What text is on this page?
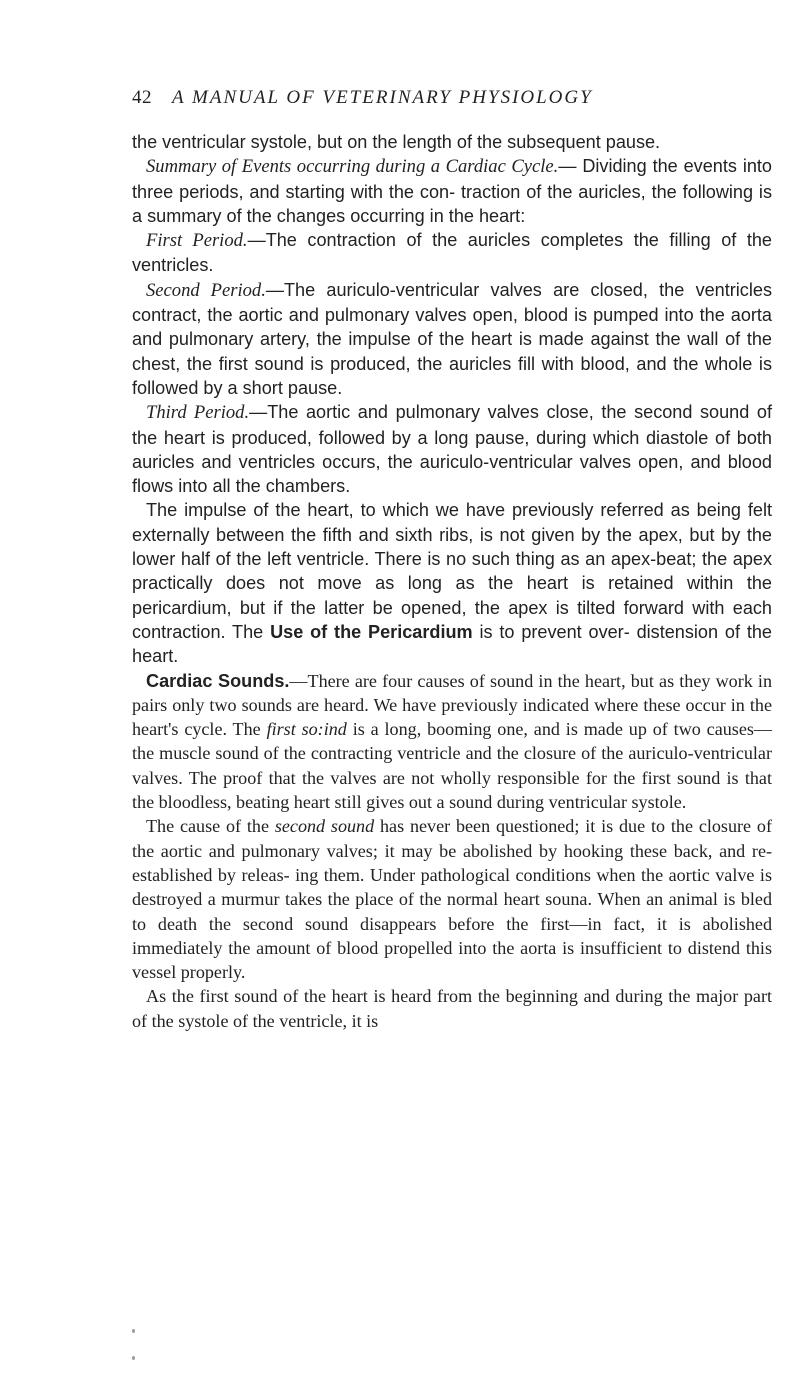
42 A MANUAL OF VETERINARY PHYSIOLOGY

the ventricular systole, but on the length of the subsequent pause.

Summary of Events occurring during a Cardiac Cycle.— Dividing the events into three periods, and starting with the con- traction of the auricles, the following is a summary of the changes occurring in the heart:

First Period.—The contraction of the auricles completes the filling of the ventricles.

Second Period.—The auriculo-ventricular valves are closed, the ventricles contract, the aortic and pulmonary valves open, blood is pumped into the aorta and pulmonary artery, the impulse of the heart is made against the wall of the chest, the first sound is produced, the auricles fill with blood, and the whole is followed by a short pause.

Third Period.—The aortic and pulmonary valves close, the second sound of the heart is produced, followed by a long pause, during which diastole of both auricles and ventricles occurs, the auriculo-ventricular valves open, and blood flows into all the chambers.

The impulse of the heart, to which we have previously referred as being felt externally between the fifth and sixth ribs, is not given by the apex, but by the lower half of the left ventricle. There is no such thing as an apex-beat; the apex practically does not move as long as the heart is retained within the pericardium, but if the latter be opened, the apex is tilted forward with each contraction. The Use of the Pericardium is to prevent over- distension of the heart.

Cardiac Sounds.—There are four causes of sound in the heart, but as they work in pairs only two sounds are heard. We have previously indicated where these occur in the heart's cycle. The first so:ind is a long, booming one, and is made up of two causes— the muscle sound of the contracting ventricle and the closure of the auriculo-ventricular valves. The proof that the valves are not wholly responsible for the first sound is that the bloodless, beating heart still gives out a sound during ventricular systole.

The cause of the second sound has never been questioned; it is due to the closure of the aortic and pulmonary valves; it may be abolished by hooking these back, and re-established by releas- ing them. Under pathological conditions when the aortic valve is destroyed a murmur takes the place of the normal heart sounа. When an animal is bled to death the second sound disappears before the first—in fact, it is abolished immediately the amount of blood propelled into the aorta is insufficient to distend this vessel properly.

As the first sound of the heart is heard from the beginning and during the major part of the systole of the ventricle, it is
